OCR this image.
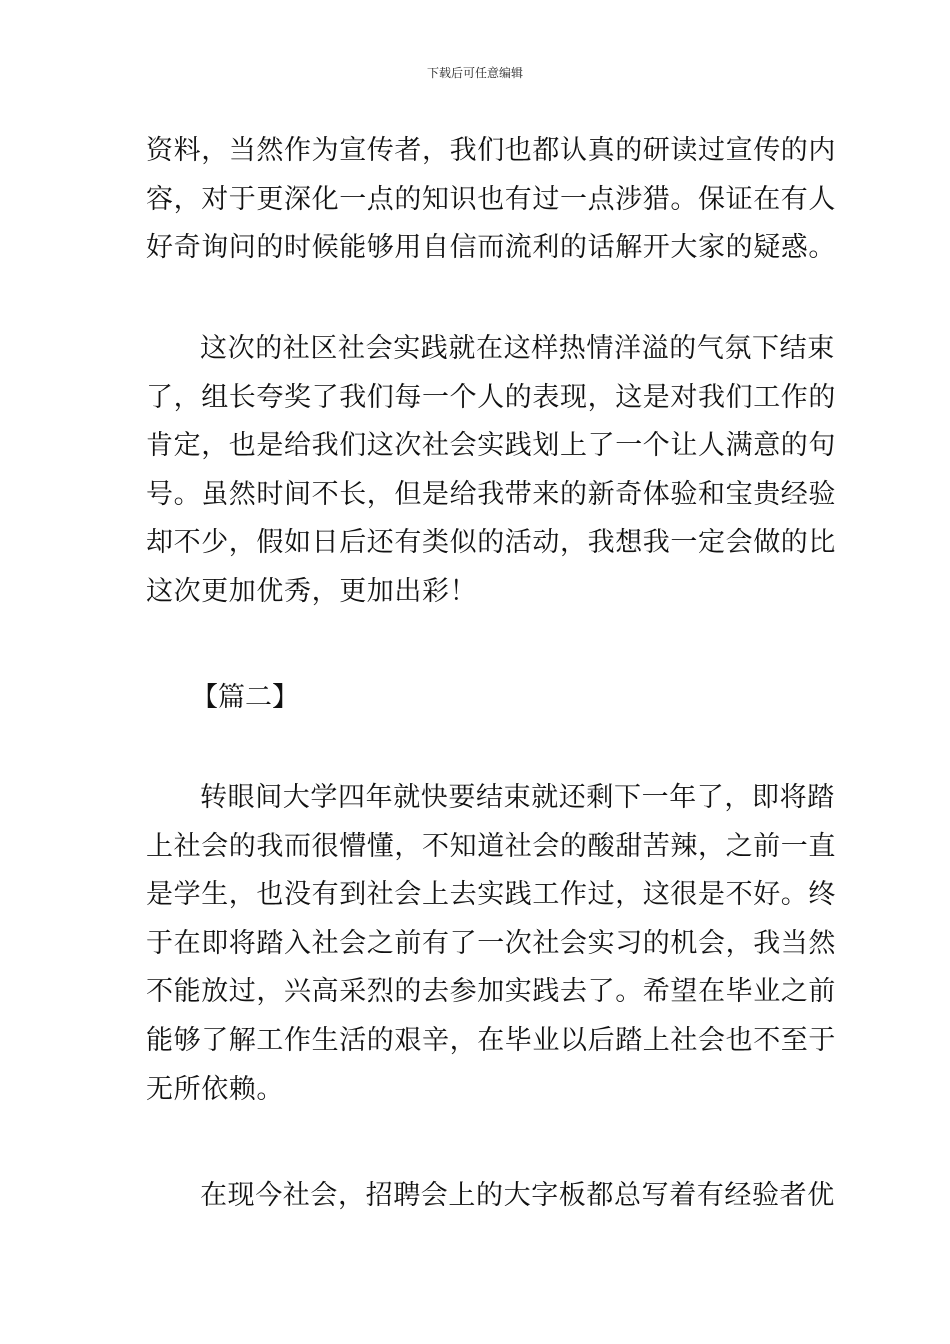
下载后可任意编辑
资料，当然作为宣传者，我们也都认真的研读过宣传的内
容，对于更深化一点的知识也有过一点涉猎。保证在有人
好奇询问的时候能够用自信而流利的话解开大家的疑惑。
这次的社区社会实践就在这样热情洋溢的气氛下结束
了，组长夸奖了我们每一个人的表现，这是对我们工作的
肯定，也是给我们这次社会实践划上了一个让人满意的句
号。虽然时间不长，但是给我带来的新奇体验和宝贵经验
却不少，假如日后还有类似的活动，我想我一定会做的比
这次更加优秀，更加出彩！
【篇二】
转眼间大学四年就快要结束就还剩下一年了，即将踏
上社会的我而很懵懂，不知道社会的酸甜苦辣，之前一直
是学生，也没有到社会上去实践工作过，这很是不好。终
于在即将踏入社会之前有了一次社会实习的机会，我当然
不能放过，兴高采烈的去参加实践去了。希望在毕业之前
能够了解工作生活的艰辛，在毕业以后踏上社会也不至于
无所依赖。
在现今社会，招聘会上的大字板都总写着有经验者优
